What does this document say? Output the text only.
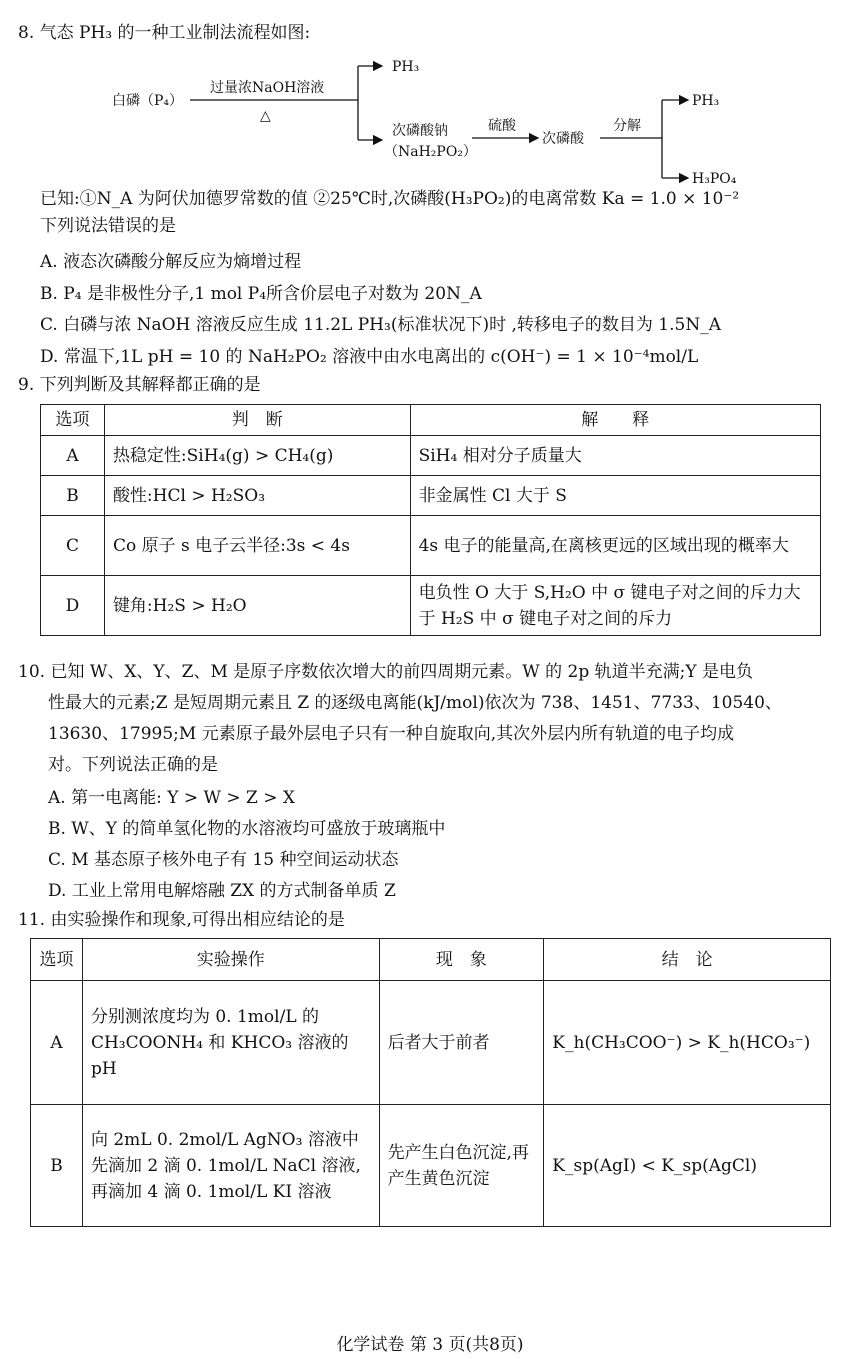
8. 气态 PH₃ 的一种工业制法流程如图:
白磷（P₄）
过量浓NaOH溶液
△
PH₃
次磷酸钠
（NaH₂PO₂）
硫酸
次磷酸
分解
PH₃
H₃PO₄
已知:①N_A 为阿伏加德罗常数的值 ②25℃时,次磷酸(H₃PO₂)的电离常数 Ka = 1.0 × 10⁻²
下列说法错误的是
A. 液态次磷酸分解反应为熵增过程
B. P₄ 是非极性分子,1 mol P₄所含价层电子对数为 20N_A
C. 白磷与浓 NaOH 溶液反应生成 11.2L PH₃(标准状况下)时 ,转移电子的数目为 1.5N_A
D. 常温下,1L pH = 10 的 NaH₂PO₂ 溶液中由水电离出的 c(OH⁻) = 1 × 10⁻⁴mol/L
9. 下列判断及其解释都正确的是
选项	判　断	解　　释
A	热稳定性:SiH₄(g) > CH₄(g)	SiH₄ 相对分子质量大
B	酸性:HCl > H₂SO₃	非金属性 Cl 大于 S
C	Co 原子 s 电子云半径:3s < 4s	4s 电子的能量高,在离核更远的区域出现的概率大
D	键角:H₂S > H₂O	电负性 O 大于 S,H₂O 中 σ 键电子对之间的斥力大于 H₂S 中 σ 键电子对之间的斥力
10. 已知 W、X、Y、Z、M 是原子序数依次增大的前四周期元素。W 的 2p 轨道半充满;Y 是电负
性最大的元素;Z 是短周期元素且 Z 的逐级电离能(kJ/mol)依次为 738、1451、7733、10540、
13630、17995;M 元素原子最外层电子只有一种自旋取向,其次外层内所有轨道的电子均成
对。下列说法正确的是
A. 第一电离能: Y > W > Z > X
B. W、Y 的简单氢化物的水溶液均可盛放于玻璃瓶中
C. M 基态原子核外电子有 15 种空间运动状态
D. 工业上常用电解熔融 ZX 的方式制备单质 Z
11. 由实验操作和现象,可得出相应结论的是
选项	实验操作	现　象	结　论
A	分别测浓度均为 0. 1mol/L 的 CH₃COONH₄ 和 KHCO₃ 溶液的 pH	后者大于前者	K_h(CH₃COO⁻) > K_h(HCO₃⁻)
B	向 2mL 0. 2mol/L AgNO₃ 溶液中先滴加 2 滴 0. 1mol/L NaCl 溶液,再滴加 4 滴 0. 1mol/L KI 溶液	先产生白色沉淀,再产生黄色沉淀	K_sp(AgI) < K_sp(AgCl)
化学试卷 第 3 页(共8页)
